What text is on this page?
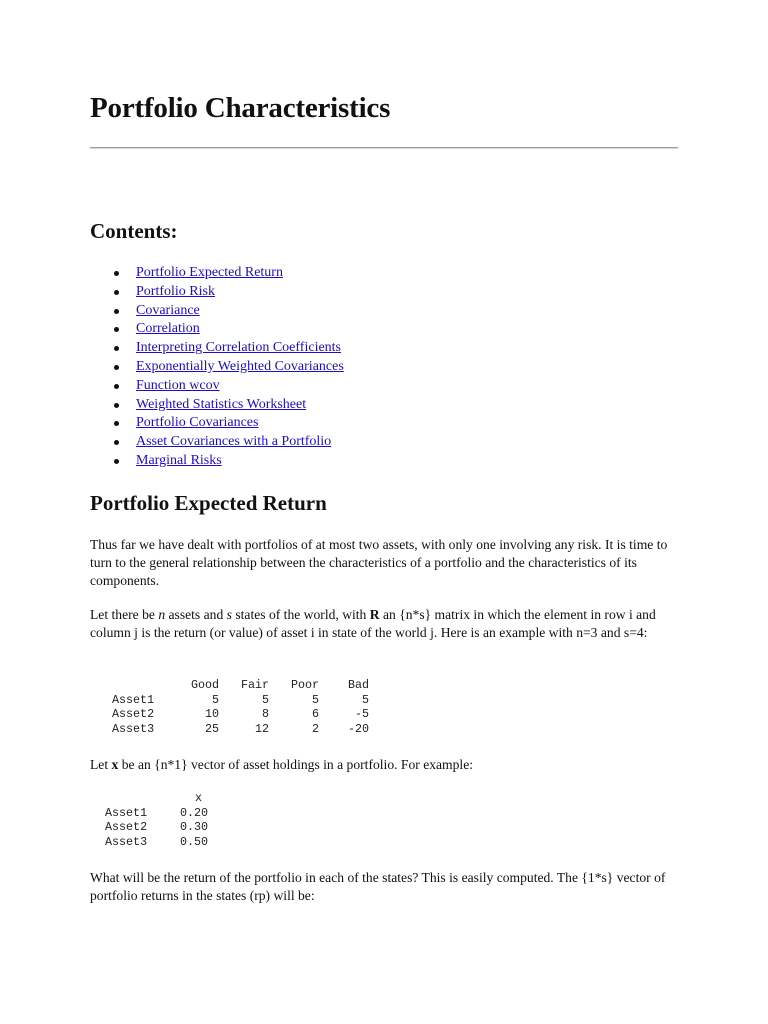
Portfolio Characteristics
Contents:
Portfolio Expected Return
Portfolio Risk
Covariance
Correlation
Interpreting Correlation Coefficients
Exponentially Weighted Covariances
Function wcov
Weighted Statistics Worksheet
Portfolio Covariances
Asset Covariances with a Portfolio
Marginal Risks
Portfolio Expected Return

Thus far we have dealt with portfolios of at most two assets, with only one involving any risk. It is time to turn to the general relationship between the characteristics of a portfolio and the characteristics of its components.

Let there be n assets and s states of the world, with R an {n*s} matrix in which the element in row i and column j is the return (or value) of asset i in state of the world j. Here is an example with n=3 and s=4:

	Good	Fair	Poor	Bad
Asset1	5	5	5	5
Asset2	10	8	6	-5
Asset3	25	12	2	-20

Let x be an {n*1} vector of asset holdings in a portfolio. For example:

	x
Asset1	0.20
Asset2	0.30
Asset3	0.50

What will be the return of the portfolio in each of the states? This is easily computed. The {1*s} vector of portfolio returns in the states (rp) will be:
